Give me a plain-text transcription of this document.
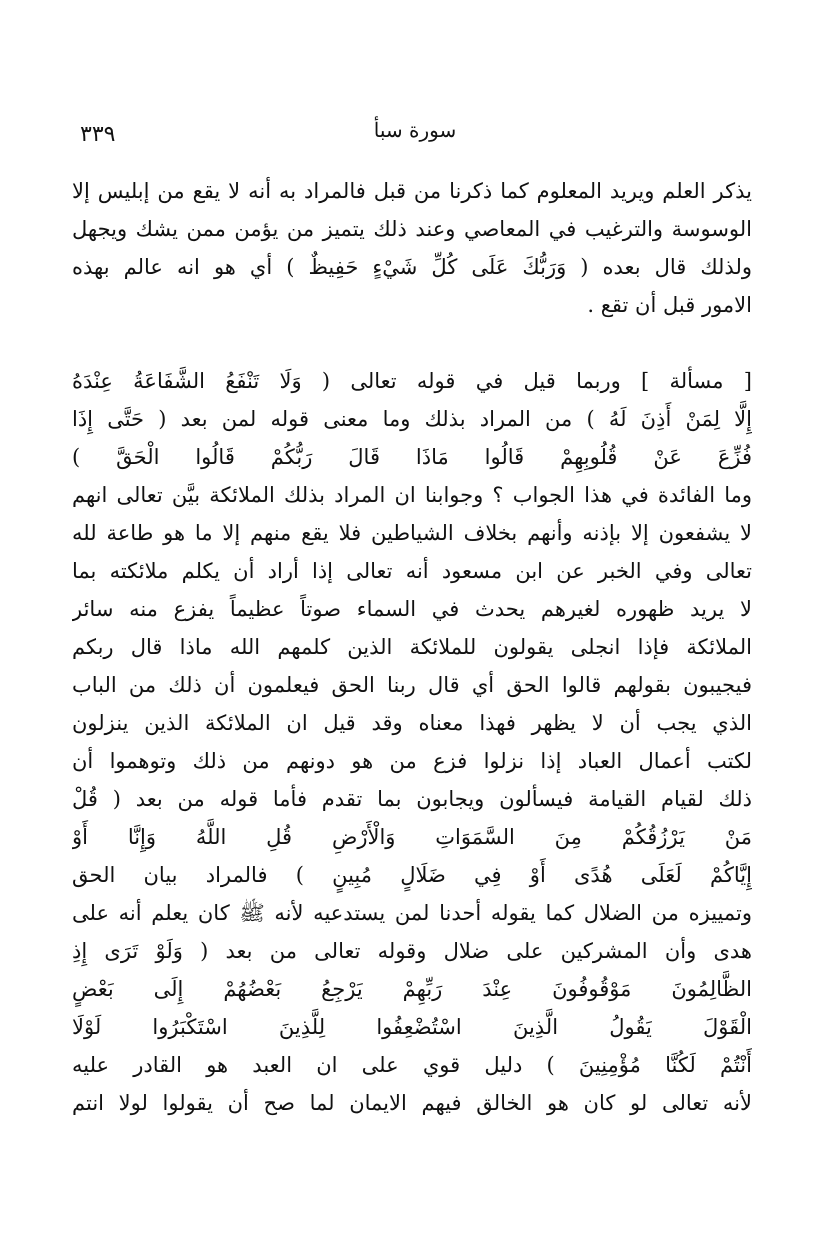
٣٣٩	سورة سبأ
يذكر العلم ويريد المعلوم كما ذكرنا من قبل فالمراد به أنه لا يقع من إبليس إلا
الوسوسة والترغيب في المعاصي وعند ذلك يتميز من يؤمن ممن يشك ويجهل
ولذلك قال بعده ( وَرَبُّكَ عَلَى كُلِّ شَيْءٍ حَفِيظٌ ) أي هو انه عالم بهذه
الامور قبل أن تقع .
[ مسألة ] وربما قيل في قوله تعالى ( وَلَا تَنْفَعُ الشَّفَاعَةُ عِنْدَهُ
إِلَّا لِمَنْ أَذِنَ لَهُ ) من المراد بذلك وما معنى قوله لمن بعد ( حَتَّى إِذَا
فُزِّعَ عَنْ قُلُوبِهِمْ قَالُوا مَاذَا قَالَ رَبُّكُمْ قَالُوا الْحَقَّ )
وما الفائدة في هذا الجواب ؟ وجوابنا ان المراد بذلك الملائكة بيَّن تعالى انهم
لا يشفعون إلا بإذنه وأنهم بخلاف الشياطين فلا يقع منهم إلا ما هو طاعة لله
تعالى وفي الخبر عن ابن مسعود أنه تعالى إذا أراد أن يكلم ملائكته بما
لا يريد ظهوره لغيرهم يحدث في السماء صوتاً عظيماً يفزع منه سائر
الملائكة فإذا انجلى يقولون للملائكة الذين كلمهم الله ماذا قال ربكم
فيجيبون بقولهم قالوا الحق أي قال ربنا الحق فيعلمون أن ذلك من الباب
الذي يجب أن لا يظهر فهذا معناه وقد قيل ان الملائكة الذين ينزلون
لكتب أعمال العباد إذا نزلوا فزع من هو دونهم من ذلك وتوهموا أن
ذلك لقيام القيامة فيسألون ويجابون بما تقدم فأما قوله من بعد ( قُلْ
مَنْ يَرْزُقُكُمْ مِنَ السَّمَوَاتِ وَالْأَرْضِ قُلِ اللَّهُ وَإِنَّا أَوْ
إِيَّاكُمْ لَعَلَى هُدًى أَوْ فِي ضَلَالٍ مُبِينٍ ) فالمراد بيان الحق
وتمييزه من الضلال كما يقوله أحدنا لمن يستدعيه لأنه ﷺ كان يعلم أنه على
هدى وأن المشركين على ضلال وقوله تعالى من بعد ( وَلَوْ تَرَى إِذِ
الظَّالِمُونَ مَوْقُوفُونَ عِنْدَ رَبِّهِمْ يَرْجِعُ بَعْضُهُمْ إِلَى بَعْضٍ
الْقَوْلَ يَقُولُ الَّذِينَ اسْتُضْعِفُوا لِلَّذِينَ اسْتَكْبَرُوا لَوْلَا
أَنْتُمْ لَكُنَّا مُؤْمِنِينَ ) دليل قوي على ان العبد هو القادر عليه
لأنه تعالى لو كان هو الخالق فيهم الايمان لما صح أن يقولوا لولا انتم
